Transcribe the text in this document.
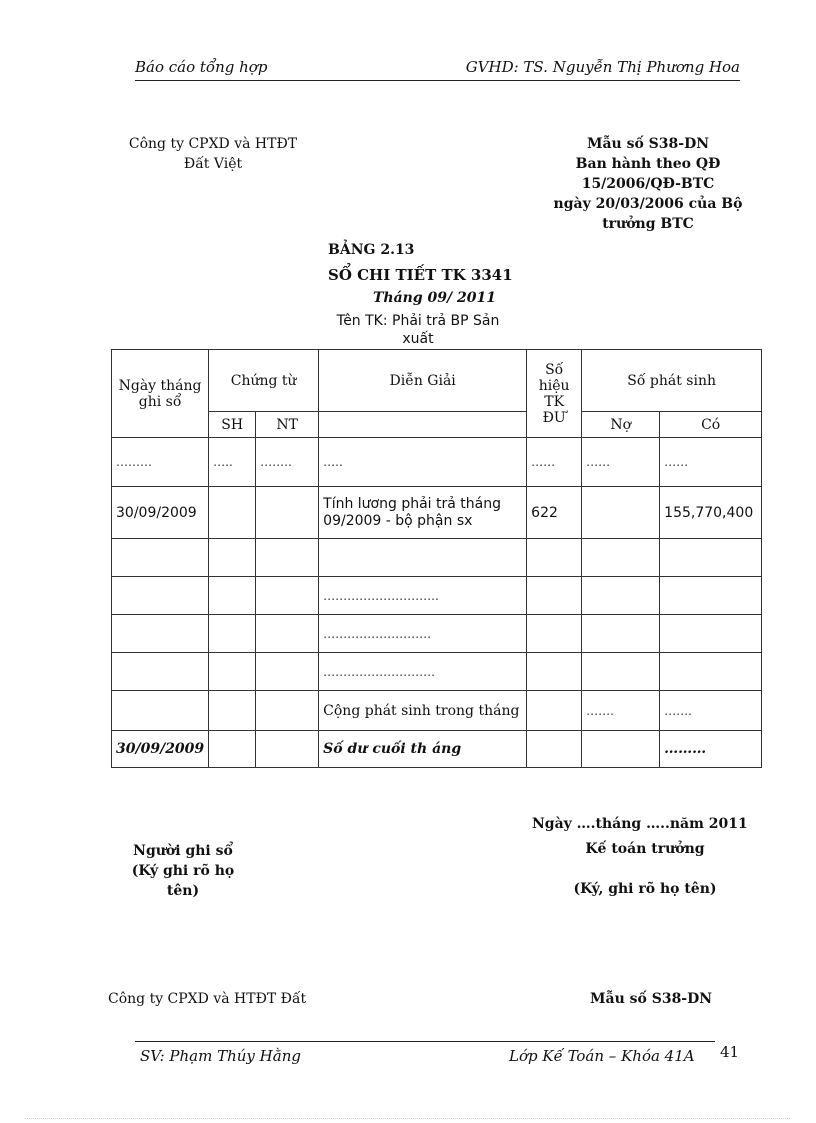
Báo cáo tổng hợp	GVHD: TS. Nguyễn Thị Phương Hoa
Công ty CPXD và HTĐT
Đất Việt
Mẫu số S38-DN
Ban hành theo QĐ
15/2006/QĐ-BTC
ngày 20/03/2006 của Bộ
trưởng BTC
BẢNG 2.13
SỔ CHI TIẾT TK 3341
Tháng 09/ 2011
Tên TK: Phải trả BP Sản
xuất
Ngày tháng ghi sổ	Chứng từ		Diễn Giải	Số hiệu TK ĐƯ	Số phát sinh	
	SH	NT			Nợ	Có
………	…..	……..	…..	……	……	……
30/09/2009			Tính lương phải trả tháng 09/2009 - bộ phận sx	622		155,770,400

			………………………..			
			………………………			
			……………………….			
			Cộng phát sinh trong tháng		…….	…….
30/09/2009			Số dư cuối th áng			………
Ngày ….tháng …..năm 2011
Người ghi sổ
(Ký ghi rõ họ
tên)
Kế toán trưởng
(Ký, ghi rõ họ tên)
Công ty CPXD và HTĐT Đất	Mẫu số S38-DN
SV: Phạm Thúy Hằng	Lớp Kế Toán – Khóa 41A 41
